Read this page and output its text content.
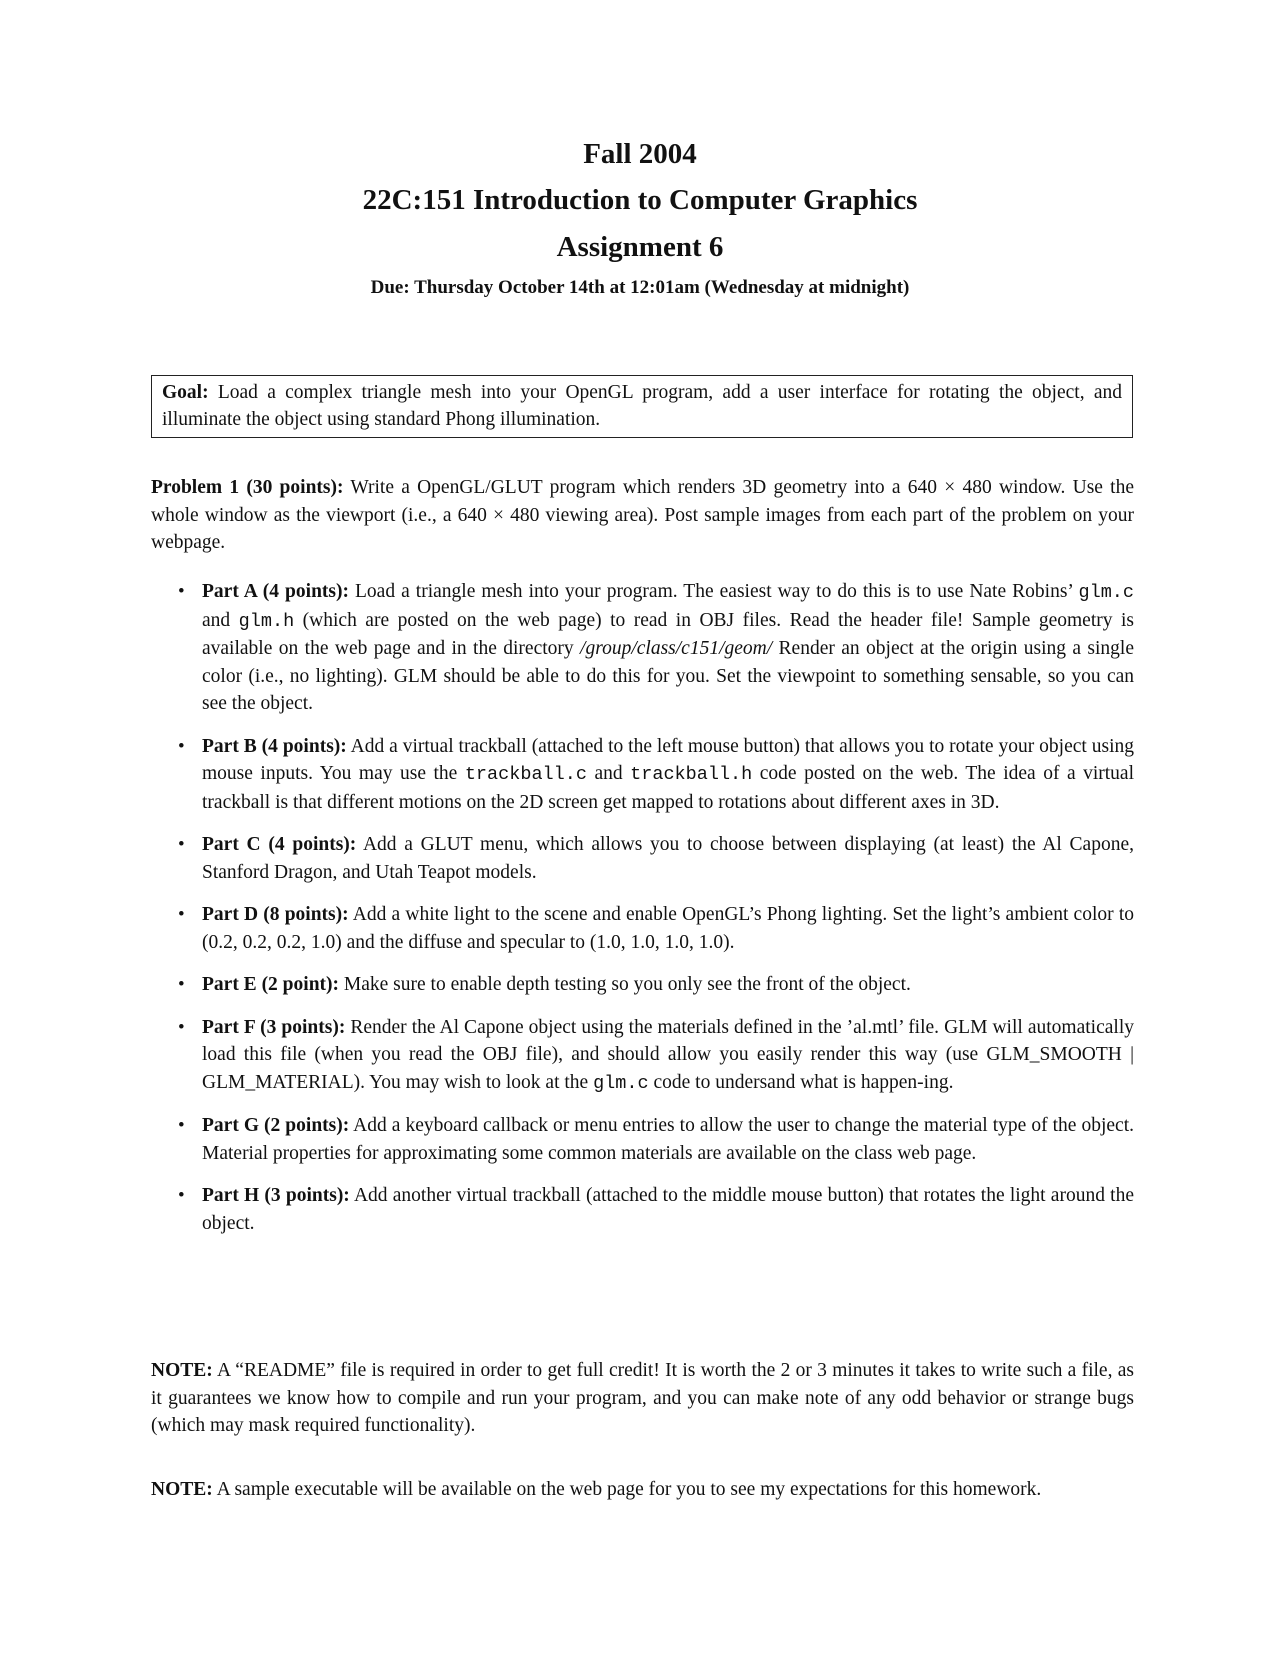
Fall 2004
22C:151 Introduction to Computer Graphics
Assignment 6
Due: Thursday October 14th at 12:01am (Wednesday at midnight)
Goal: Load a complex triangle mesh into your OpenGL program, add a user interface for rotating the object, and illuminate the object using standard Phong illumination.

Problem 1 (30 points): Write a OpenGL/GLUT program which renders 3D geometry into a 640 × 480 window. Use the whole window as the viewport (i.e., a 640 × 480 viewing area). Post sample images from each part of the problem on your webpage.

• Part A (4 points): Load a triangle mesh into your program. The easiest way to do this is to use Nate Robins’ glm.c and glm.h (which are posted on the web page) to read in OBJ files. Read the header file! Sample geometry is available on the web page and in the directory /group/class/c151/geom/ Render an object at the origin using a single color (i.e., no lighting). GLM should be able to do this for you. Set the viewpoint to something sensable, so you can see the object.
• Part B (4 points): Add a virtual trackball (attached to the left mouse button) that allows you to rotate your object using mouse inputs. You may use the trackball.c and trackball.h code posted on the web. The idea of a virtual trackball is that different motions on the 2D screen get mapped to rotations about different axes in 3D.
• Part C (4 points): Add a GLUT menu, which allows you to choose between displaying (at least) the Al Capone, Stanford Dragon, and Utah Teapot models.
• Part D (8 points): Add a white light to the scene and enable OpenGL’s Phong lighting. Set the light’s ambient color to (0.2, 0.2, 0.2, 1.0) and the diffuse and specular to (1.0, 1.0, 1.0, 1.0).
• Part E (2 point): Make sure to enable depth testing so you only see the front of the object.
• Part F (3 points): Render the Al Capone object using the materials defined in the ’al.mtl’ file. GLM will automatically load this file (when you read the OBJ file), and should allow you easily render this way (use GLM_SMOOTH | GLM_MATERIAL). You may wish to look at the glm.c code to undersand what is happen-ing.
• Part G (2 points): Add a keyboard callback or menu entries to allow the user to change the material type of the object. Material properties for approximating some common materials are available on the class web page.
• Part H (3 points): Add another virtual trackball (attached to the middle mouse button) that rotates the light around the object.

NOTE: A “README” file is required in order to get full credit! It is worth the 2 or 3 minutes it takes to write such a file, as it guarantees we know how to compile and run your program, and you can make note of any odd behavior or strange bugs (which may mask required functionality).

NOTE: A sample executable will be available on the web page for you to see my expectations for this homework.
